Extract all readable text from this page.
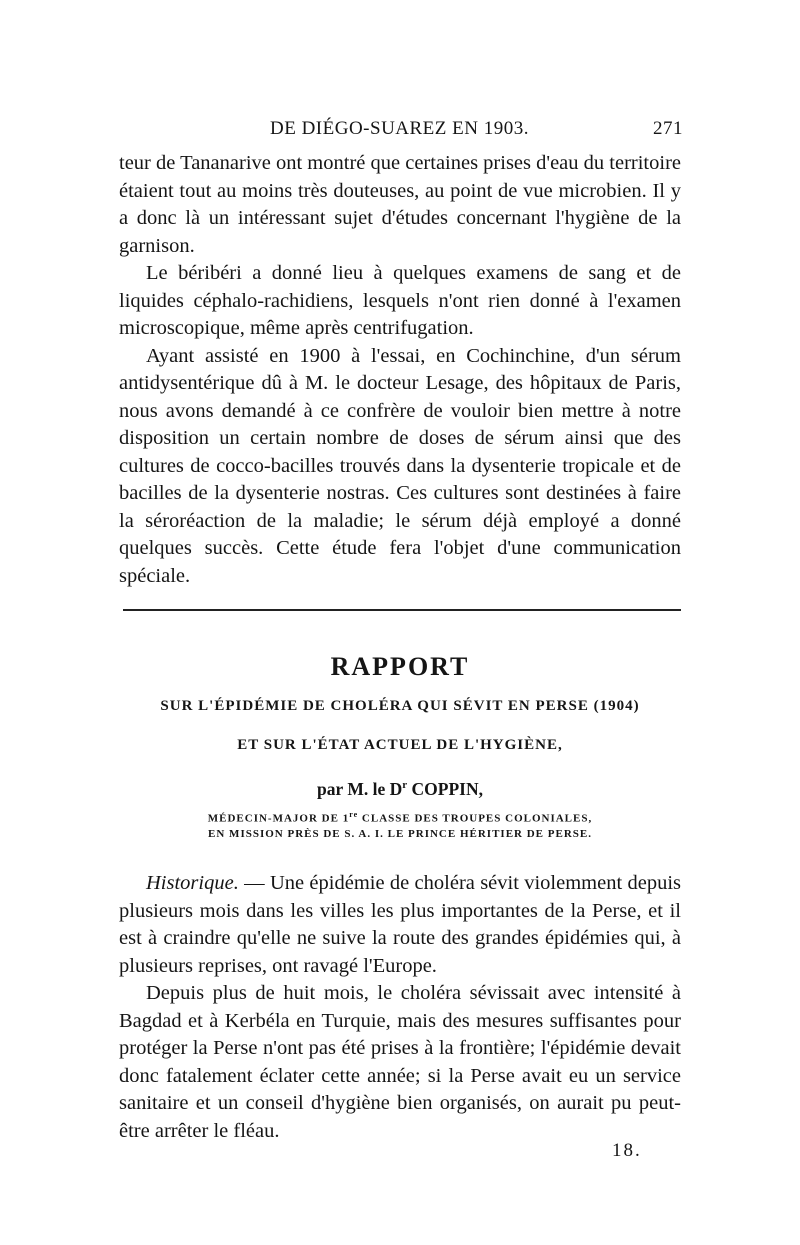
DE DIÉGO-SUAREZ EN 1903.	271

teur de Tananarive ont montré que certaines prises d'eau du territoire étaient tout au moins très douteuses, au point de vue microbien. Il y a donc là un intéressant sujet d'études concernant l'hygiène de la garnison.

Le béribéri a donné lieu à quelques examens de sang et de liquides céphalo-rachidiens, lesquels n'ont rien donné à l'examen microscopique, même après centrifugation.

Ayant assisté en 1900 à l'essai, en Cochinchine, d'un sérum antidysentérique dû à M. le docteur Lesage, des hôpitaux de Paris, nous avons demandé à ce confrère de vouloir bien mettre à notre disposition un certain nombre de doses de sérum ainsi que des cultures de cocco-bacilles trouvés dans la dysenterie tropicale et de bacilles de la dysenterie nostras. Ces cultures sont destinées à faire la séroréaction de la maladie; le sérum déjà employé a donné quelques succès. Cette étude fera l'objet d'une communication spéciale.

RAPPORT
SUR L'ÉPIDÉMIE DE CHOLÉRA QUI SÉVIT EN PERSE (1904)
ET SUR L'ÉTAT ACTUEL DE L'HYGIÈNE,
par M. le $D^r$ COPPIN,
MÉDECIN-MAJOR DE 1re CLASSE DES TROUPES COLONIALES,
EN MISSION PRÈS DE S. A. I. LE PRINCE HÉRITIER DE PERSE.

Historique. — Une épidémie de choléra sévit violemment depuis plusieurs mois dans les villes les plus importantes de la Perse, et il est à craindre qu'elle ne suive la route des grandes épidémies qui, à plusieurs reprises, ont ravagé l'Europe.

Depuis plus de huit mois, le choléra sévissait avec intensité à Bagdad et à Kerbéla en Turquie, mais des mesures suffisantes pour protéger la Perse n'ont pas été prises à la frontière; l'épidémie devait donc fatalement éclater cette année; si la Perse avait eu un service sanitaire et un conseil d'hygiène bien organisés, on aurait pu peut-être arrêter le fléau.

18.
